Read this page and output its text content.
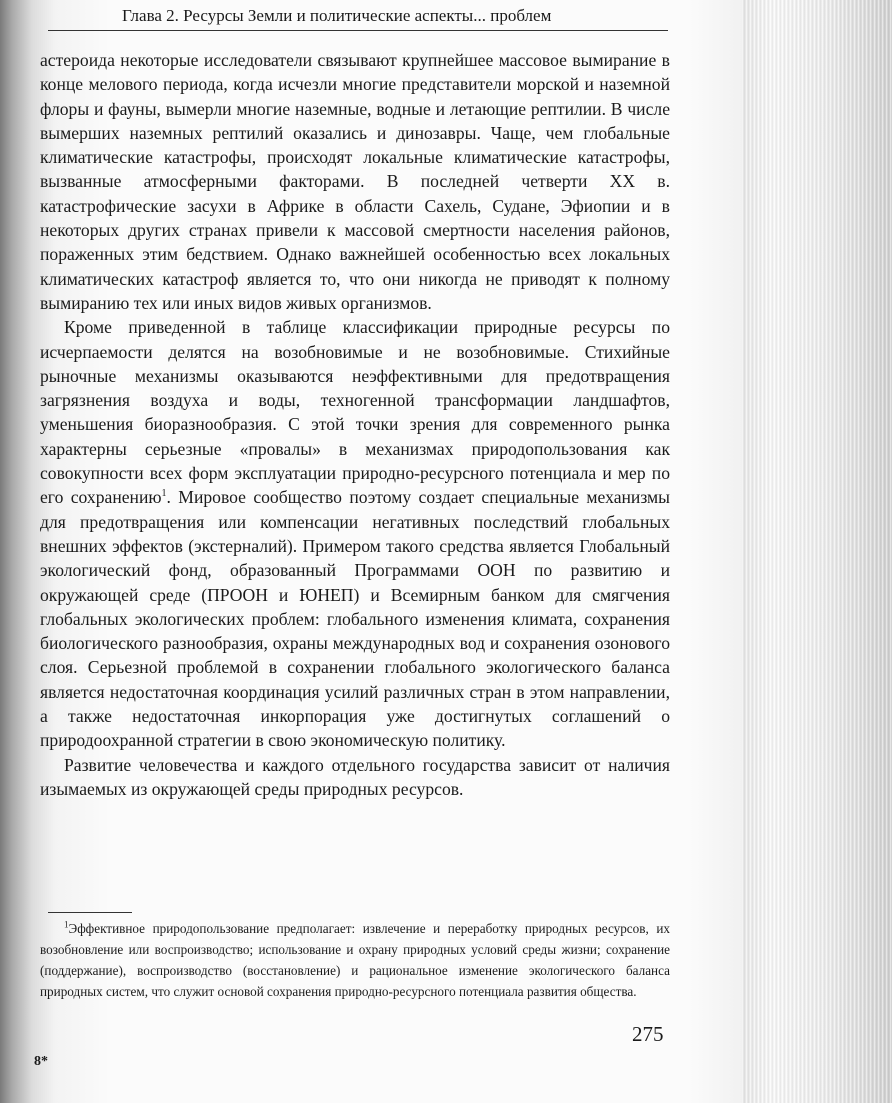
Глава 2. Ресурсы Земли и политические аспекты... проблем

астероида некоторые исследователи связывают крупнейшее массовое вымирание в конце мелового периода, когда исчезли многие представители морской и наземной флоры и фауны, вымерли многие наземные, водные и летающие рептилии. В числе вымерших наземных рептилий оказались и динозавры. Чаще, чем глобальные климатические катастрофы, происходят локальные климатические катастрофы, вызванные атмосферными факторами. В последней четверти XX в. катастрофические засухи в Африке в области Сахель, Судане, Эфиопии и в некоторых других странах привели к массовой смертности населения районов, пораженных этим бедствием. Однако важнейшей особенностью всех локальных климатических катастроф является то, что они никогда не приводят к полному вымиранию тех или иных видов живых организмов.

Кроме приведенной в таблице классификации природные ресурсы по исчерпаемости делятся на возобновимые и не возобновимые. Стихийные рыночные механизмы оказываются неэффективными для предотвращения загрязнения воздуха и воды, техногенной трансформации ландшафтов, уменьшения биоразнообразия. С этой точки зрения для современного рынка характерны серьезные «провалы» в механизмах природопользования как совокупности всех форм эксплуатации природно-ресурсного потенциала и мер по его сохранению$^1$. Мировое сообщество поэтому создает специальные механизмы для предотвращения или компенсации негативных последствий глобальных внешних эффектов (экстерналий). Примером такого средства является Глобальный экологический фонд, образованный Программами ООН по развитию и окружающей среде (ПРООН и ЮНЕП) и Всемирным банком для смягчения глобальных экологических проблем: глобального изменения климата, сохранения биологического разнообразия, охраны международных вод и сохранения озонового слоя. Серьезной проблемой в сохранении глобального экологического баланса является недостаточная координация усилий различных стран в этом направлении, а также недостаточная инкорпорация уже достигнутых соглашений о природоохранной стратегии в свою экономическую политику.

Развитие человечества и каждого отдельного государства зависит от наличия изымаемых из окружающей среды природных ресурсов.

$^1$Эффективное природопользование предполагает: извлечение и переработку природных ресурсов, их возобновление или воспроизводство; использование и охрану природных условий среды жизни; сохранение (поддержание), воспроизводство (восстановление) и рациональное изменение экологического баланса природных систем, что служит основой сохранения природно-ресурсного потенциала развития общества.

275
8*
